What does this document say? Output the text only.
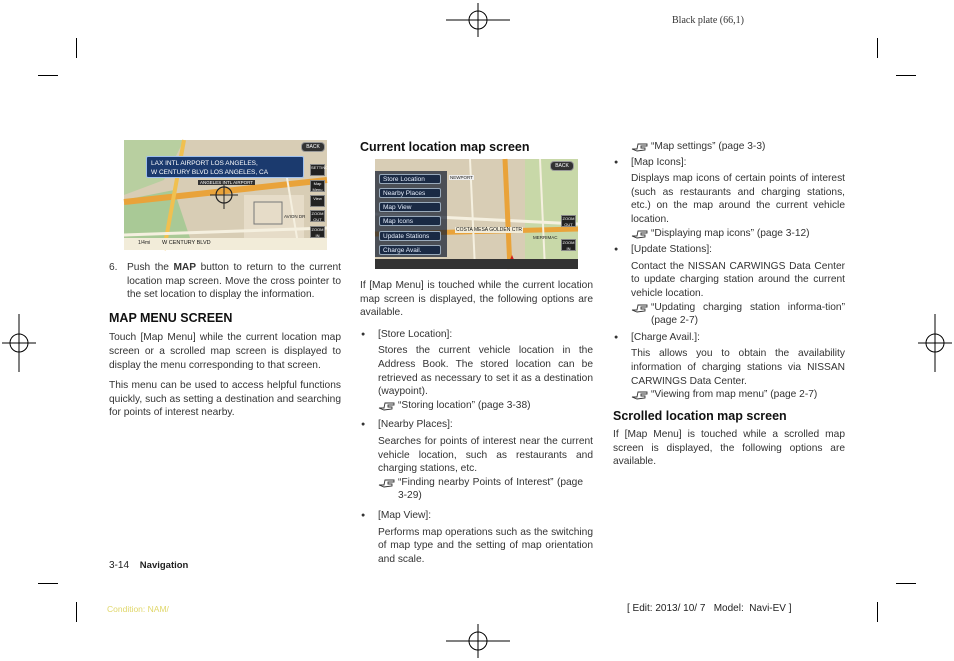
Black plate (66,1)
LAX INTL AIRPORT LOS ANGELES,
W CENTURY BLVD LOS ANGELES, CA
BACK
ANGELES INTL AIRPORT
AVION DR
1/4mi W CENTURY BLVD
SETTINGS
Map Menu
View
ZOOM OUT
ZOOM IN
6. Push the MAP button to return to the current location map screen. Move the cross pointer to the set location to display the information.
MAP MENU SCREEN

Touch [Map Menu] while the current location map screen or a scrolled map screen is displayed to display the menu corresponding to that screen.

This menu can be used to access helpful functions quickly, such as setting a destination and searching for points of interest nearby.

Current location map screen
BACK
Store Location
Nearby Places
Map View
Map Icons
Update Stations
Charge Avail.
NEWPORT
COSTA MESA GOLDEN CTR
MERRIMAC
ZOOM OUT
ZOOM IN

If [Map Menu] is touched while the current location map screen is displayed, the following options are available.

● [Store Location]:

Stores the current vehicle location in the Address Book. The stored location can be retrieved as necessary to set it as a destination (waypoint).

“Storing location” (page 3-38)

● [Nearby Places]:

Searches for points of interest near the current vehicle location, such as restaurants and charging stations, etc.

“Finding nearby Points of Interest” (page 3-29)

● [Map View]:

Performs map operations such as the switching of map type and the setting of map orientation and scale.

“Map settings” (page 3-3)

● [Map Icons]:

Displays map icons of certain points of interest (such as restaurants and charging stations, etc.) on the map around the current vehicle location.

“Displaying map icons” (page 3-12)

● [Update Stations]:

Contact the NISSAN CARWINGS Data Center to update charging station around the current vehicle location.

“Updating charging station informa-tion” (page 2-7)

● [Charge Avail.]:

This allows you to obtain the availability information of charging stations via NISSAN CARWINGS Data Center.

“Viewing from map menu” (page 2-7)

Scrolled location map screen

If [Map Menu] is touched while a scrolled map screen is displayed, the following options are available.

3-14 Navigation
Condition: NAM/	[ Edit: 2013/ 10/ 7   Model:  Navi-EV ]
